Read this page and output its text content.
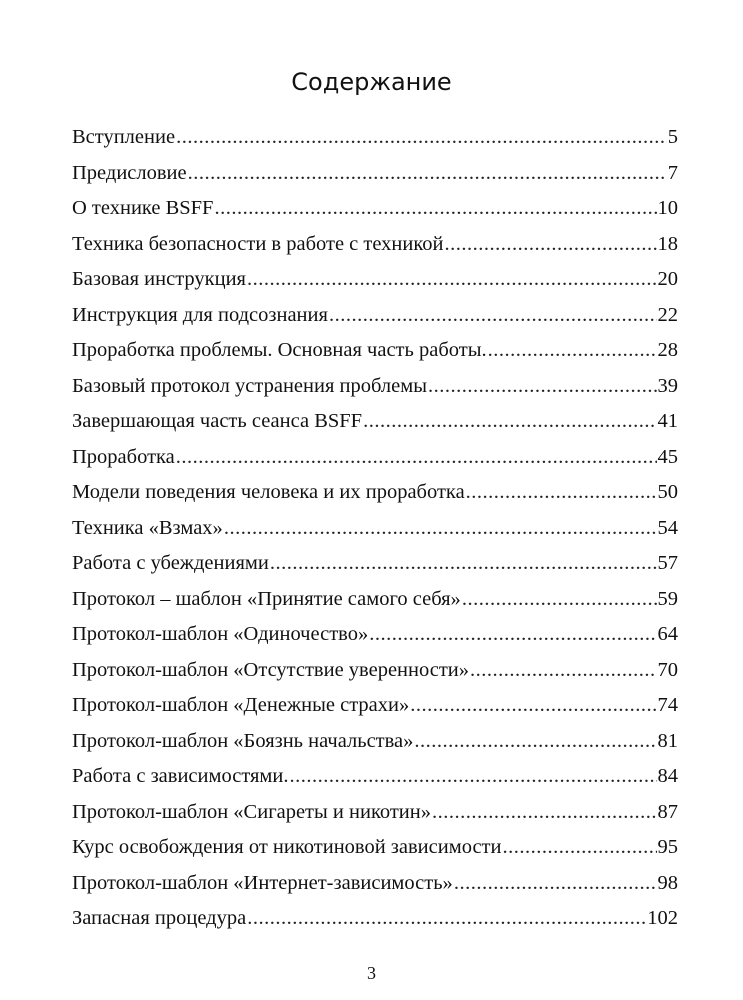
Содержание
Вступление .....	5
Предисловие .....	7
О технике BSFF .....	10
Техника безопасности в работе с техникой .....	18
Базовая инструкция .....	20
Инструкция для подсознания .....	22
Проработка проблемы. Основная часть работы. .....	28
Базовый протокол устранения проблемы .....	39
Завершающая часть сеанса BSFF .....	41
Проработка .....	45
Модели поведения человека и их проработка .....	50
Техника «Взмах» .....	54
Работа с убеждениями .....	57
Протокол – шаблон «Принятие самого себя» .....	59
Протокол-шаблон «Одиночество» .....	64
Протокол-шаблон «Отсутствие уверенности» .....	70
Протокол-шаблон «Денежные страхи» .....	74
Протокол-шаблон «Боязнь начальства» .....	81
Работа с зависимостями. .....	84
Протокол-шаблон «Сигареты и никотин» .....	87
Курс освобождения от никотиновой зависимости .....	95
Протокол-шаблон «Интернет-зависимость» .....	98
Запасная процедура .....	102
3
